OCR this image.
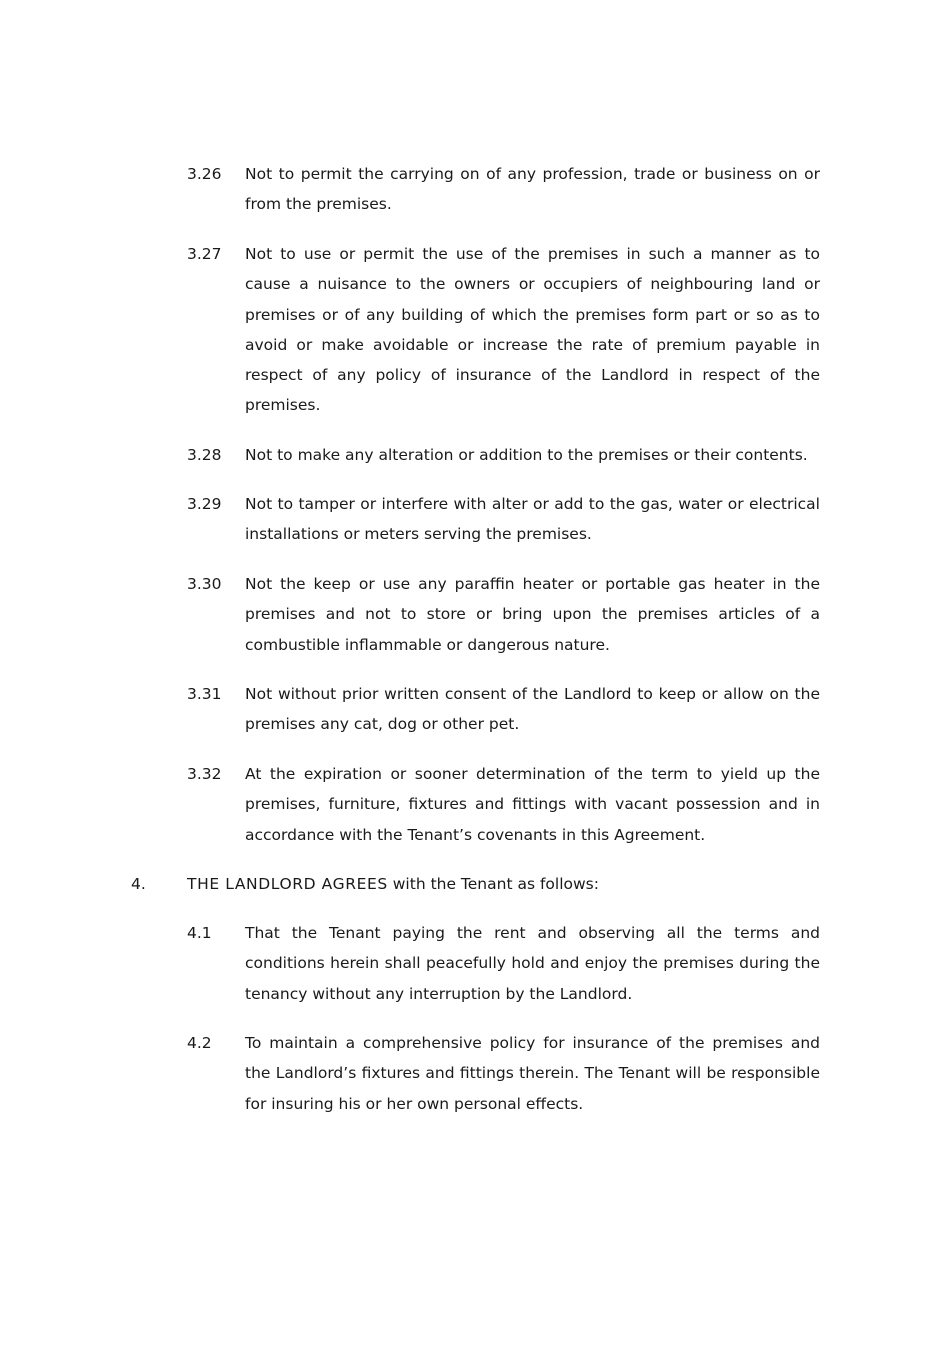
3.26	Not to permit the carrying on of any profession, trade or business on or from the premises.
3.27	Not to use or permit the use of the premises in such a manner as to cause a nuisance to the owners or occupiers of neighbouring land or premises or of any building of which the premises form part or so as to avoid or make avoidable or increase the rate of premium payable in respect of any policy of insurance of the Landlord in respect of the premises.
3.28	Not to make any alteration or addition to the premises or their contents.
3.29	Not to tamper or interfere with alter or add to the gas, water or electrical installations or meters serving the premises.
3.30	Not the keep or use any paraffin heater or portable gas heater in the premises and not to store or bring upon the premises articles of a combustible inflammable or dangerous nature.
3.31	Not without prior written consent of the Landlord to keep or allow on the premises any cat, dog or other pet.
3.32	At the expiration or sooner determination of the term to yield up the premises, furniture, fixtures and fittings with vacant possession and in accordance with the Tenant’s covenants in this Agreement.
4.	THE LANDLORD AGREES with the Tenant as follows:
4.1	That the Tenant paying the rent and observing all the terms and conditions herein shall peacefully hold and enjoy the premises during the tenancy without any interruption by the Landlord.
4.2	To maintain a comprehensive policy for insurance of the premises and the Landlord’s fixtures and fittings therein. The Tenant will be responsible for insuring his or her own personal effects.
